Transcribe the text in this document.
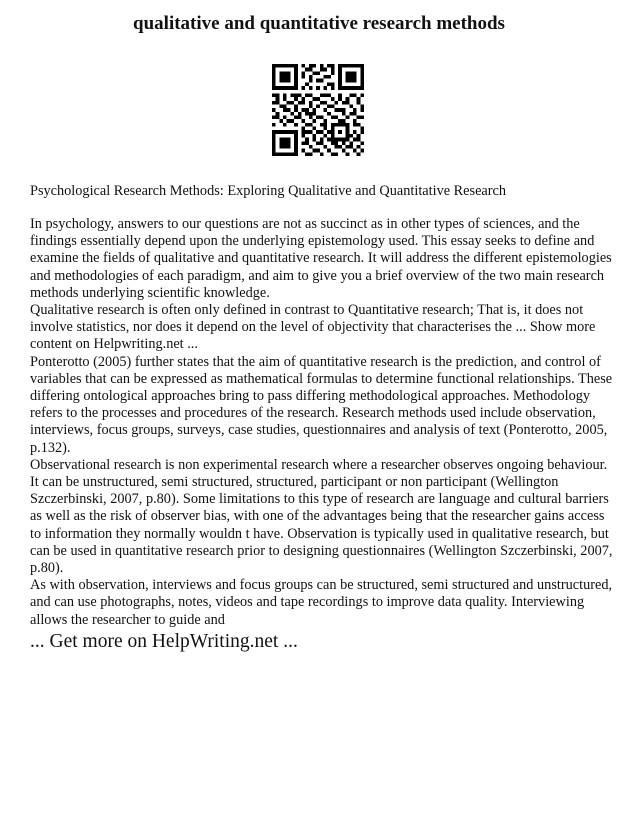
qualitative and quantitative research methods

Psychological Research Methods: Exploring Qualitative and Quantitative Research

In psychology, answers to our questions are not as succinct as in other types of sciences, and the findings essentially depend upon the underlying epistemology used. This essay seeks to define and examine the fields of qualitative and quantitative research. It will address the different epistemologies and methodologies of each paradigm, and aim to give you a brief overview of the two main research methods underlying scientific knowledge.

Qualitative research is often only defined in contrast to Quantitative research; That is, it does not involve statistics, nor does it depend on the level of objectivity that characterises the ... Show more content on Helpwriting.net ...

Ponterotto (2005) further states that the aim of quantitative research is the prediction, and control of variables that can be expressed as mathematical formulas to determine functional relationships. These differing ontological approaches bring to pass differing methodological approaches. Methodology refers to the processes and procedures of the research. Research methods used include observation, interviews, focus groups, surveys, case studies, questionnaires and analysis of text (Ponterotto, 2005, p.132).

Observational research is non experimental research where a researcher observes ongoing behaviour. It can be unstructured, semi structured, structured, participant or non participant (Wellington Szczerbinski, 2007, p.80). Some limitations to this type of research are language and cultural barriers as well as the risk of observer bias, with one of the advantages being that the researcher gains access to information they normally wouldn t have. Observation is typically used in qualitative research, but can be used in quantitative research prior to designing questionnaires (Wellington Szczerbinski, 2007, p.80).

As with observation, interviews and focus groups can be structured, semi structured and unstructured, and can use photographs, notes, videos and tape recordings to improve data quality. Interviewing allows the researcher to guide and

... Get more on HelpWriting.net ...
